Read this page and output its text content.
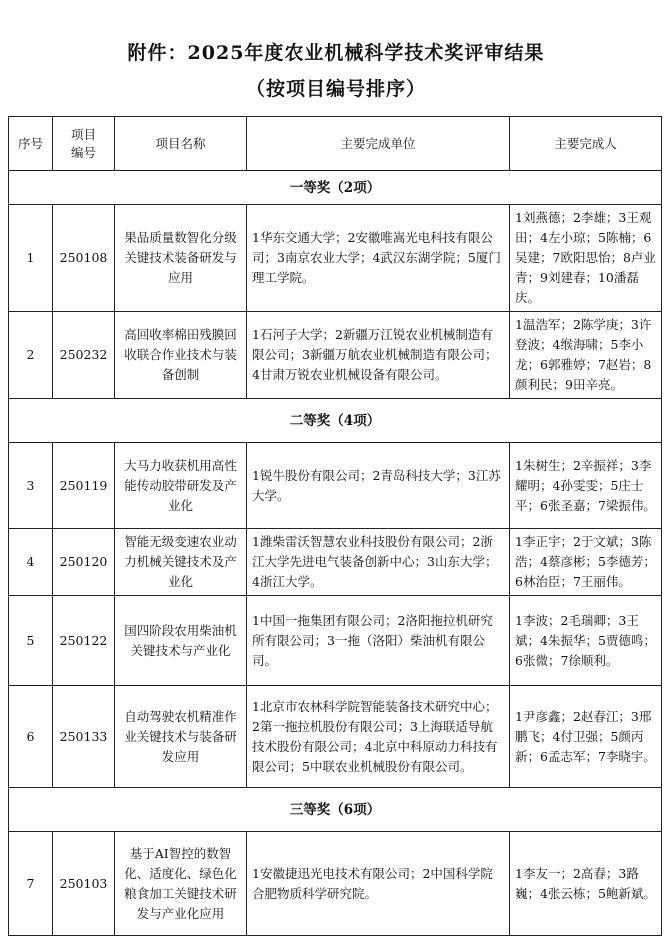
附件：2025年度农业机械科学技术奖评审结果
（按项目编号排序）
序号	项目编号	项目名称	主要完成单位	主要完成人
一等奖（2项）				
1	250108	果品质量数智化分级关键技术装备研发与应用	1华东交通大学；2安徽唯嵩光电科技有限公司；3南京农业大学；4武汉东湖学院；5厦门理工学院。	1刘燕德；2李雄；3王观田；4左小琼；5陈楠；6吴建；7欧阳思怡；8卢业青；9刘建春；10潘磊庆。
2	250232	高回收率棉田残膜回收联合作业技术与装备创制	1石河子大学；2新疆万江锐农业机械制造有限公司；3新疆万航农业机械制造有限公司；4甘肃万锐农业机械设备有限公司。	1温浩军；2陈学庚；3许登波；4缑海啸；5李小龙；6郭雅婷；7赵岩；8颜利民；9田辛亮。
二等奖（4项）				
3	250119	大马力收获机用高性能传动胶带研发及产业化	1锐牛股份有限公司；2青岛科技大学；3江苏大学。	1朱树生；2辛振祥；3李耀明；4孙雯雯；5庄士平；6张圣嘉；7梁振伟。
4	250120	智能无级变速农业动力机械关键技术及产业化	1潍柴雷沃智慧农业科技股份有限公司；2浙江大学先进电气装备创新中心；3山东大学；4浙江大学。	1李正宇；2于文斌；3陈浩；4蔡彦彬；5李德芳；6林治臣；7王丽伟。
5	250122	国四阶段农用柴油机关键技术与产业化	1中国一拖集团有限公司；2洛阳拖拉机研究所有限公司；3一拖（洛阳）柴油机有限公司。	1李波；2毛瑞卿；3王斌；4朱振华；5贾德鸣；6张微；7徐顺利。
6	250133	自动驾驶农机精准作业关键技术与装备研发应用	1北京市农林科学院智能装备技术研究中心；2第一拖拉机股份有限公司；3上海联适导航技术股份有限公司；4北京中科原动力科技有限公司；5中联农业机械股份有限公司。	1尹彦鑫；2赵春江；3邢鹏飞；4付卫强；5颜丙新；6孟志军；7李晓宇。
三等奖（6项）				
7	250103	基于AI智控的数智化、适度化、绿色化粮食加工关键技术研发与产业化应用	1安徽捷迅光电技术有限公司；2中国科学院合肥物质科学研究院。	1李友一；2高春；3路巍；4张云栋；5鲍新斌。
